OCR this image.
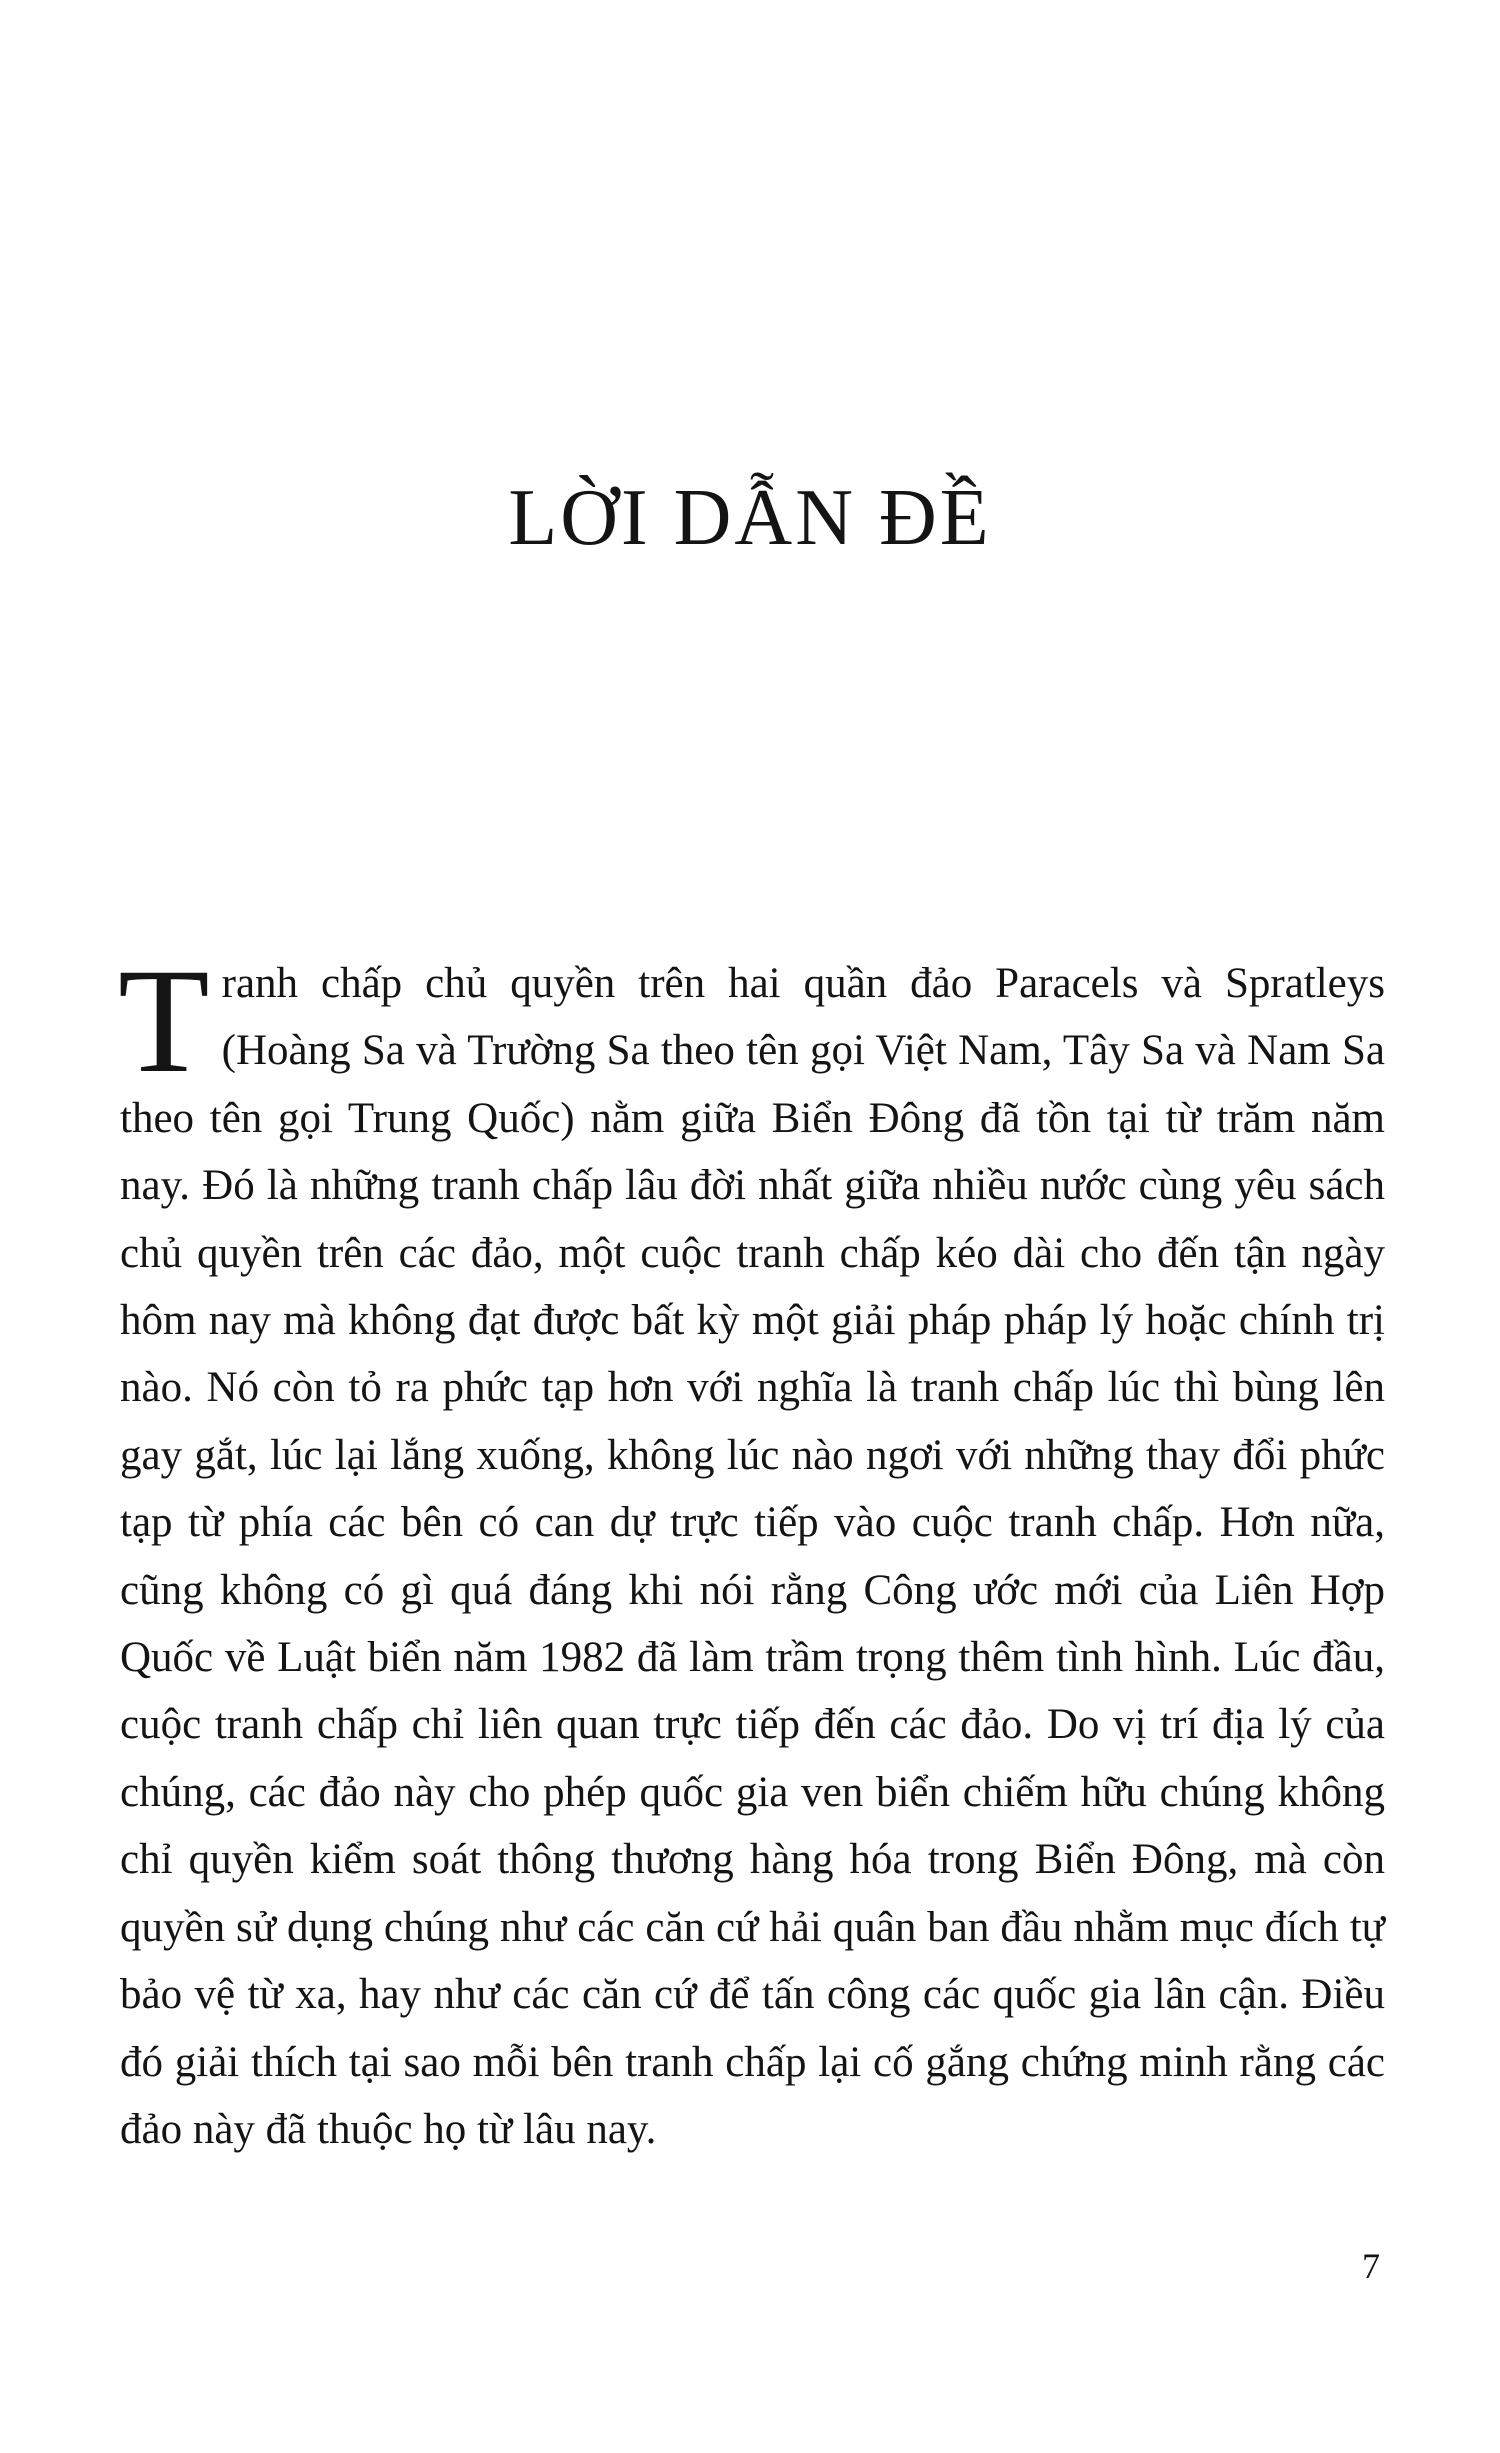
LỜI DẪN ĐỀ

Tranh chấp chủ quyền trên hai quần đảo Paracels và Spratleys (Hoàng Sa và Trường Sa theo tên gọi Việt Nam, Tây Sa và Nam Sa theo tên gọi Trung Quốc) nằm giữa Biển Đông đã tồn tại từ trăm năm nay. Đó là những tranh chấp lâu đời nhất giữa nhiều nước cùng yêu sách chủ quyền trên các đảo, một cuộc tranh chấp kéo dài cho đến tận ngày hôm nay mà không đạt được bất kỳ một giải pháp pháp lý hoặc chính trị nào. Nó còn tỏ ra phức tạp hơn với nghĩa là tranh chấp lúc thì bùng lên gay gắt, lúc lại lắng xuống, không lúc nào ngơi với những thay đổi phức tạp từ phía các bên có can dự trực tiếp vào cuộc tranh chấp. Hơn nữa, cũng không có gì quá đáng khi nói rằng Công ước mới của Liên Hợp Quốc về Luật biển năm 1982 đã làm trầm trọng thêm tình hình. Lúc đầu, cuộc tranh chấp chỉ liên quan trực tiếp đến các đảo. Do vị trí địa lý của chúng, các đảo này cho phép quốc gia ven biển chiếm hữu chúng không chỉ quyền kiểm soát thông thương hàng hóa trong Biển Đông, mà còn quyền sử dụng chúng như các căn cứ hải quân ban đầu nhằm mục đích tự bảo vệ từ xa, hay như các căn cứ để tấn công các quốc gia lân cận. Điều đó giải thích tại sao mỗi bên tranh chấp lại cố gắng chứng minh rằng các đảo này đã thuộc họ từ lâu nay.

7
